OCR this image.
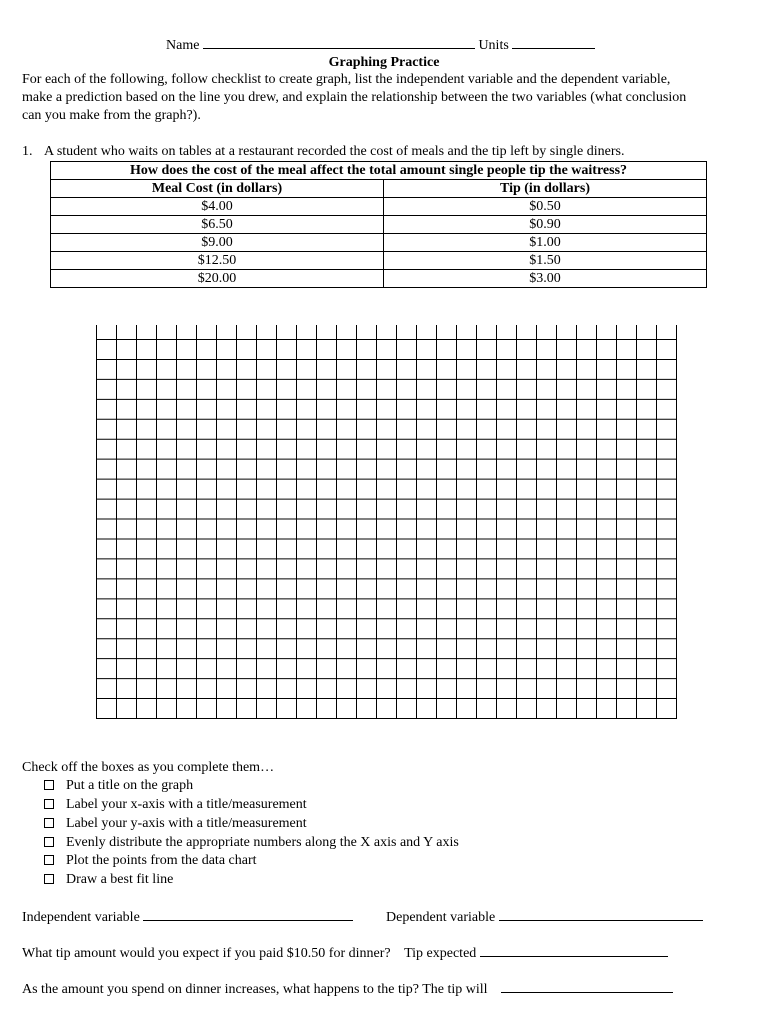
Name	Units
Graphing Practice
For each of the following, follow checklist to create graph, list the independent variable and the dependent variable,
make a prediction based on the line you drew, and explain the relationship between the two variables (what conclusion
can you make from the graph?).
1. A student who waits on tables at a restaurant recorded the cost of meals and the tip left by single diners.
How does the cost of the meal affect the total amount single people tip the waitress?	
Meal Cost (in dollars)	Tip (in dollars)
$4.00	$0.50
$6.50	$0.90
$9.00	$1.00
$12.50	$1.50
$20.00	$3.00
Check off the boxes as you complete them…
Put a title on the graph
Label your x-axis with a title/measurement
Label your y-axis with a title/measurement
Evenly distribute the appropriate numbers along the X axis and Y axis
Plot the points from the data chart
Draw a best fit line
Independent variable	Dependent variable
What tip amount would you expect if you paid $10.50 for dinner? Tip expected
As the amount you spend on dinner increases, what happens to the tip? The tip will
